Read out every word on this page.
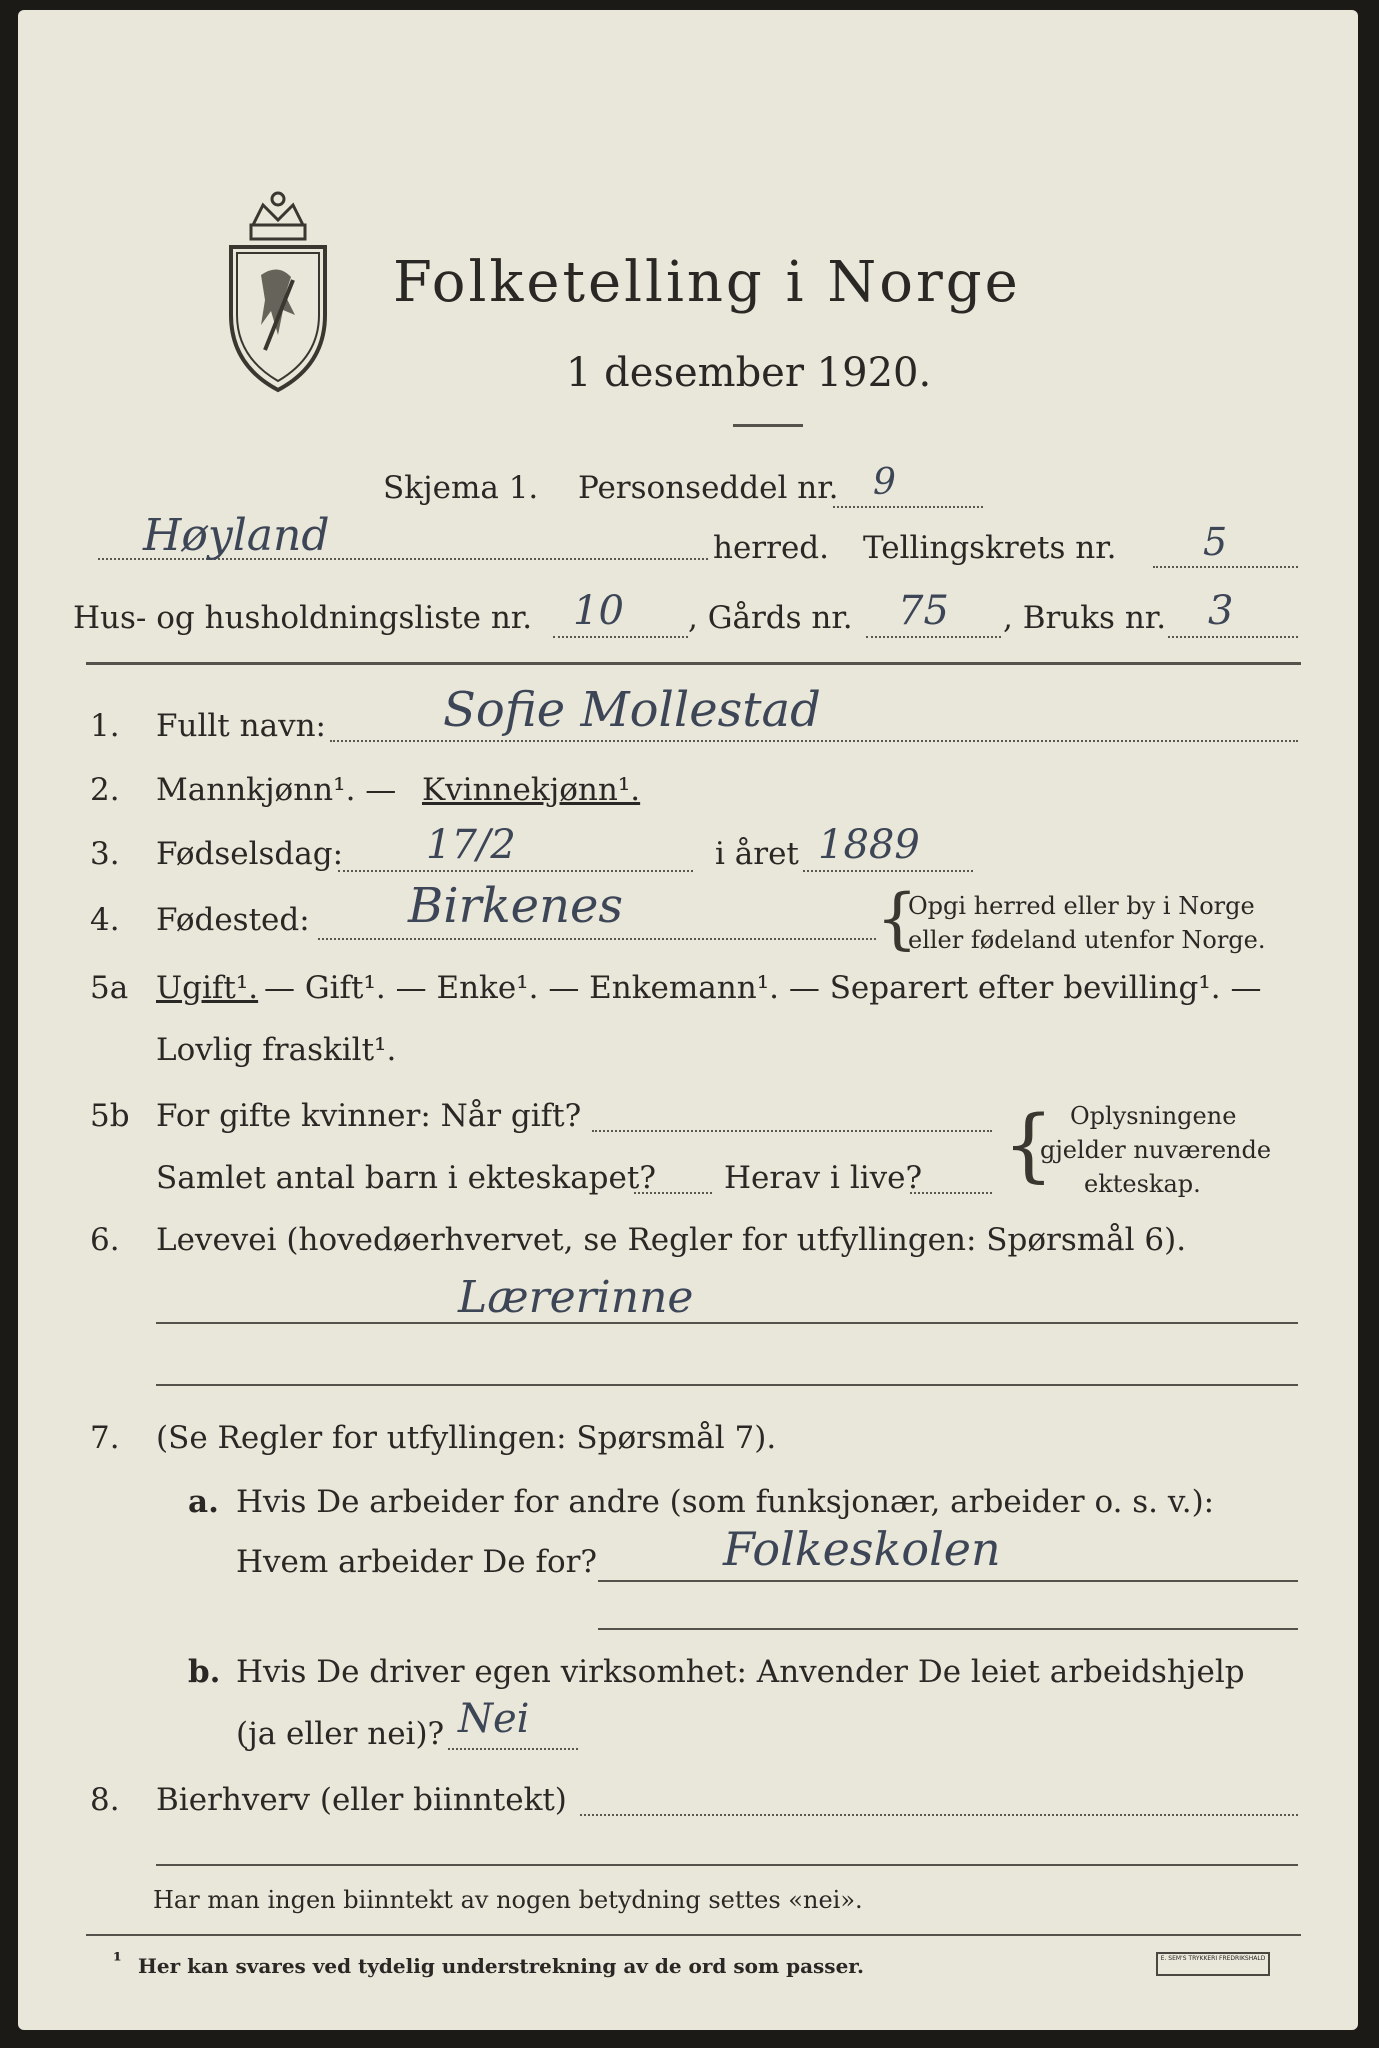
Folketelling i Norge
1 desember 1920.
Skjema 1. Personseddel nr. 9
Høyland	herred. Tellingskrets nr. 5
Hus- og husholdningsliste nr. 10 , Gårds nr. 75 , Bruks nr. 3
1. Fullt navn: Sofie Mollestad
2. Mannkjønn¹. — Kvinnekjønn¹.
3. Fødselsdag: 17/2	i året 1889
4. Fødested: Birkenes	{
Opgi herred eller by i Norge
eller fødeland utenfor Norge.
5a Ugift¹. — Gift¹. — Enke¹. — Enkemann¹. — Separert efter bevilling¹. —
Lovlig fraskilt¹.
5b For gifte kvinner: Når gift?
Samlet antal barn i ekteskapet? Herav i live? { Oplysningene
gjelder nuværende
ekteskap.
6. Levevei (hovedøerhvervet, se Regler for utfyllingen: Spørsmål 6).
Lærerinne
7. (Se Regler for utfyllingen: Spørsmål 7).
a. Hvis De arbeider for andre (som funksjonær, arbeider o. s. v.):
Hvem arbeider De for?	Folkeskolen
b. Hvis De driver egen virksomhet: Anvender De leiet arbeidshjelp
(ja eller nei)? Nei
8. Bierhverv (eller biinntekt)
Har man ingen biinntekt av nogen betydning settes «nei».
¹ Her kan svares ved tydelig understrekning av de ord som passer.	E. SEM'S TRYKKERI FREDRIKSHALD
